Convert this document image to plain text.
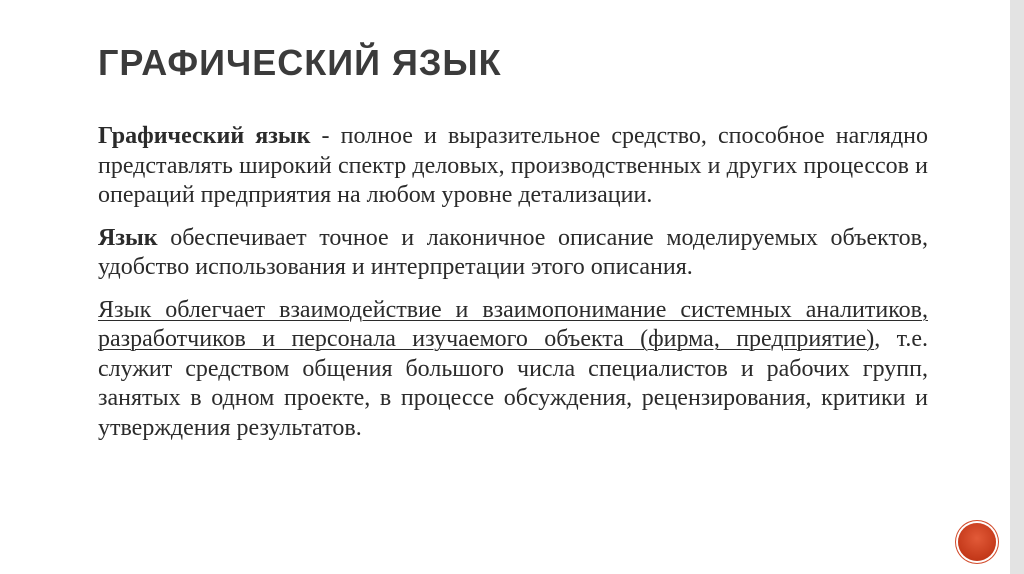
ГРАФИЧЕСКИЙ ЯЗЫК

Графический язык - полное и выразительное средство, способное наглядно представлять широкий спектр деловых, производственных и других процессов и операций предприятия на любом уровне детализации.

Язык обеспечивает точное и лаконичное описание моделируемых объектов, удобство использования и интерпретации этого описания.

Язык облегчает взаимодействие и взаимопонимание системных аналитиков, разработчиков и персонала изучаемого объекта (фирма, предприятие), т.е. служит средством общения большого числа специалистов и рабочих групп, занятых в одном проекте, в процессе обсуждения, рецензирования, критики и утверждения результатов.
